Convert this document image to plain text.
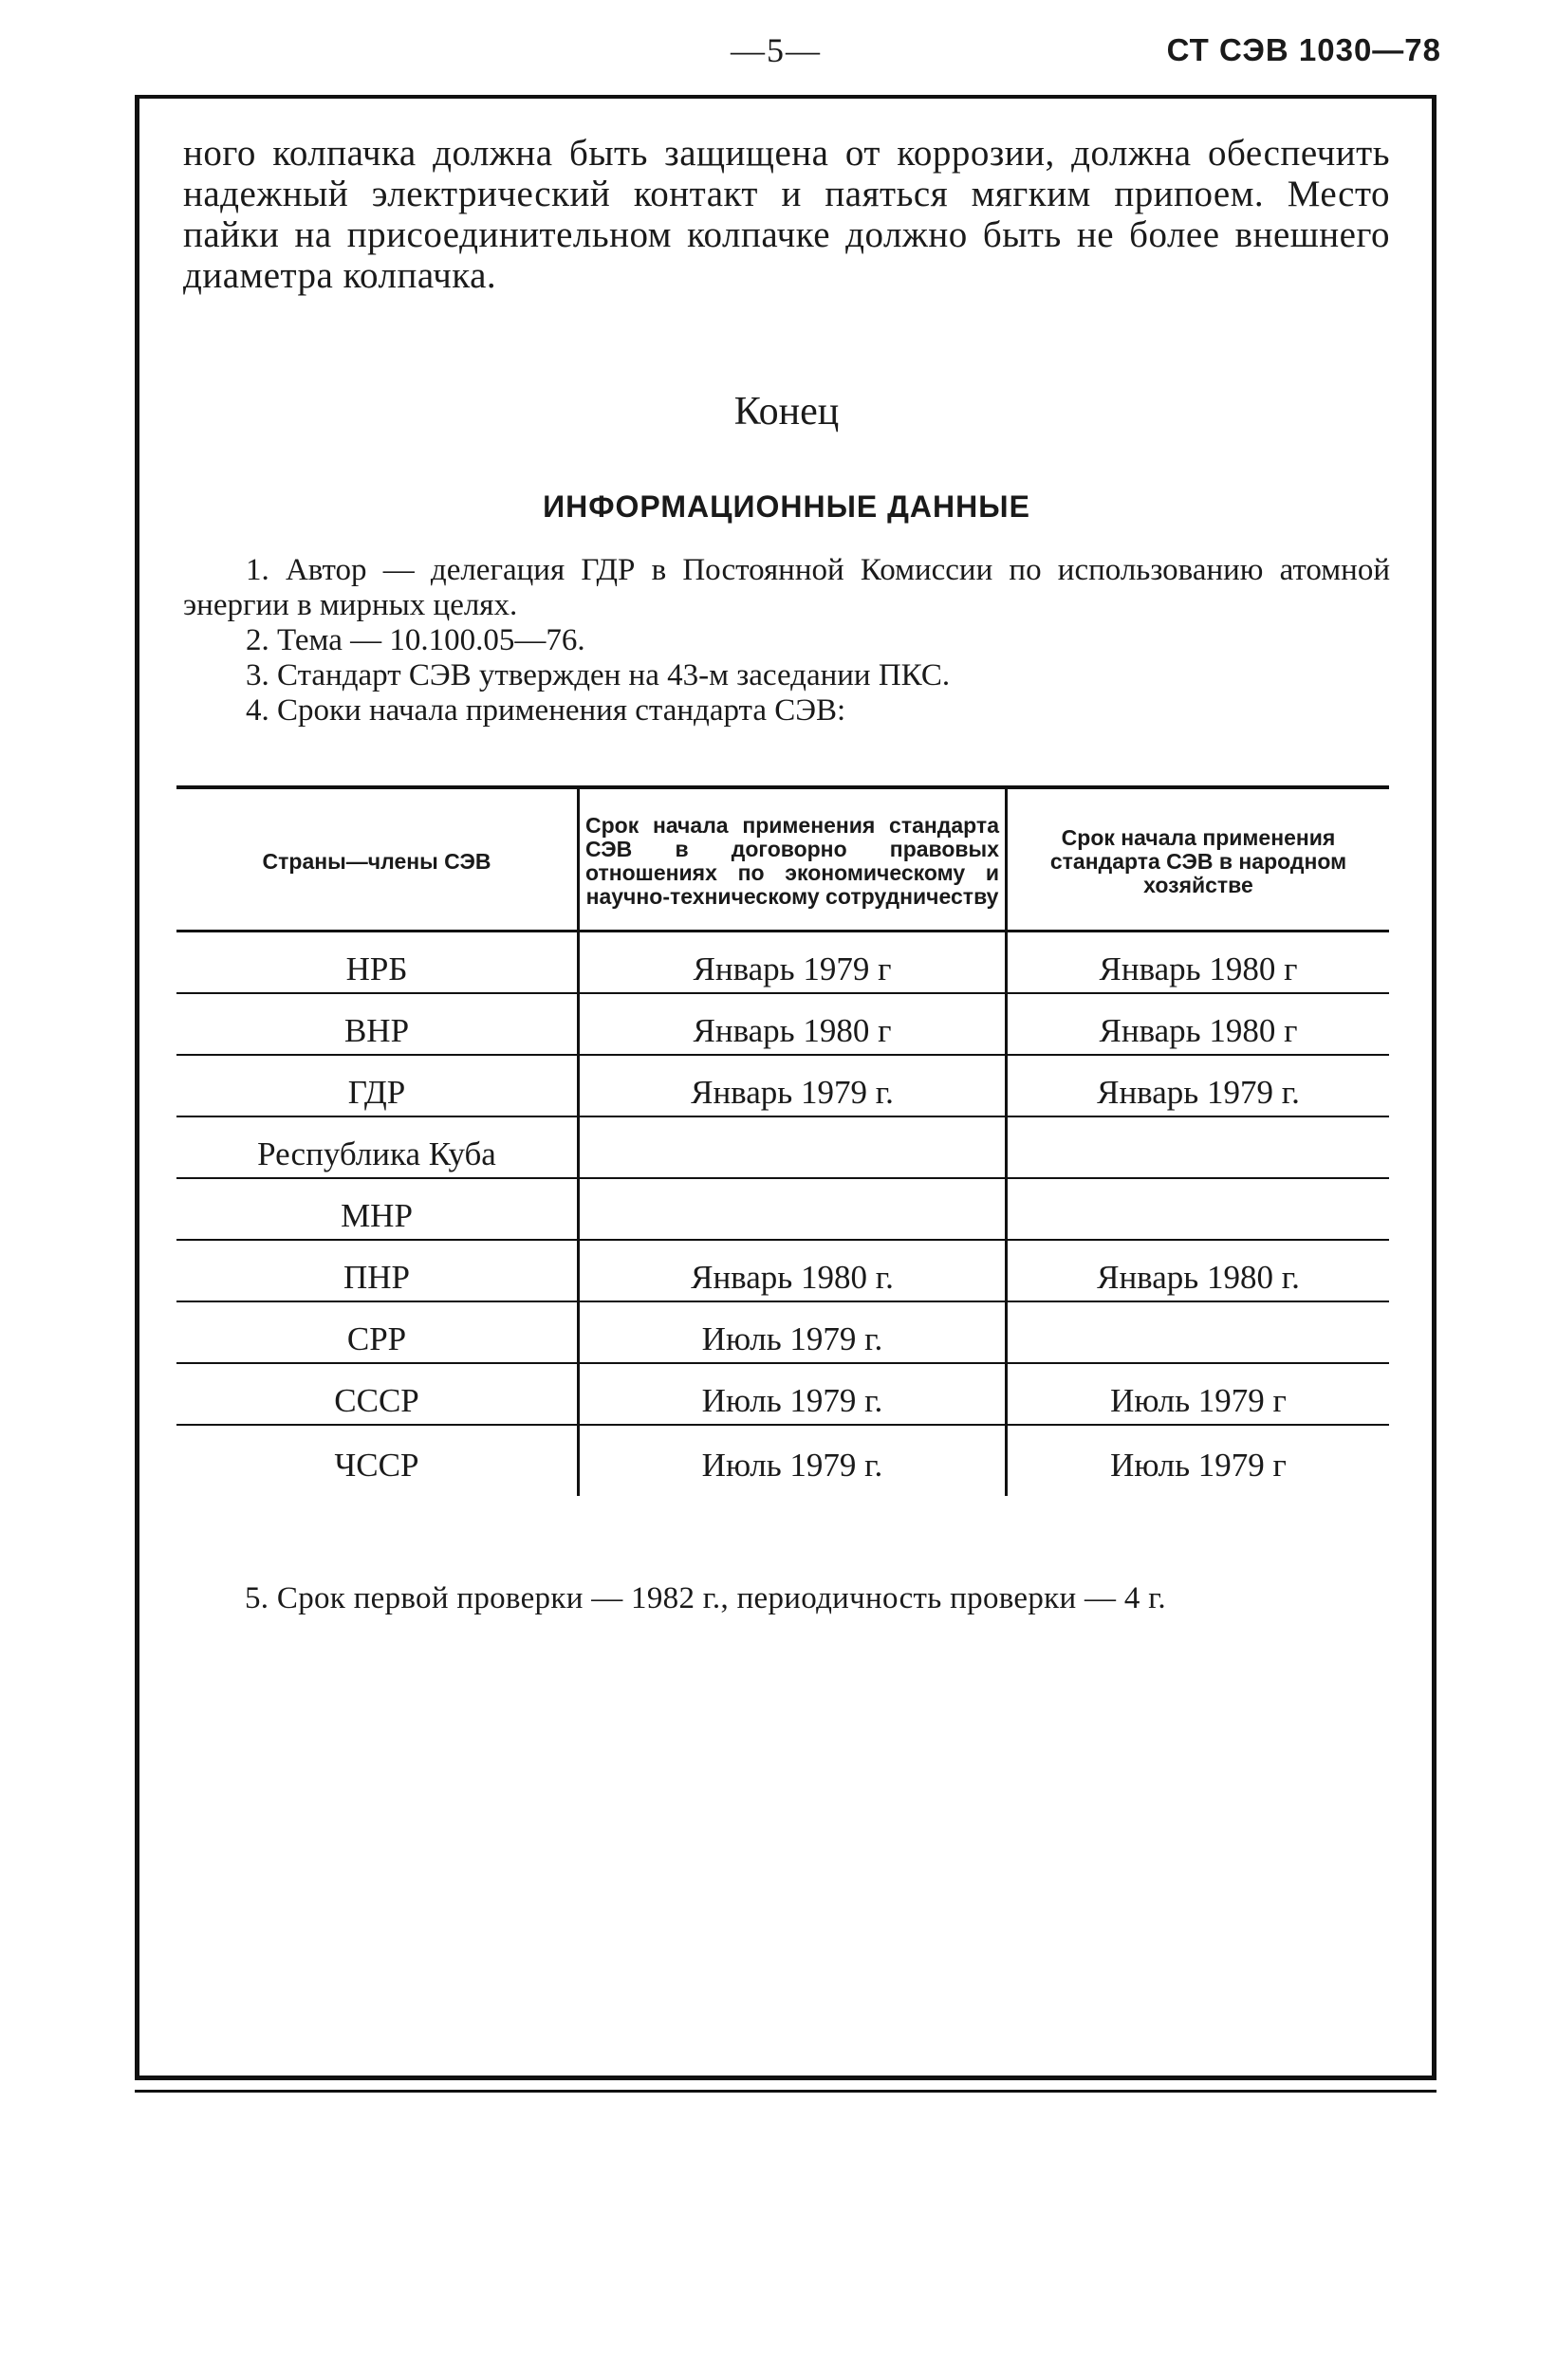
—5—	СТ СЭВ 1030—78

ного колпачка должна быть защищена от коррозии, должна обеспечить надежный электрический контакт и паяться мягким припоем. Место пайки на присоединительном колпачке должно быть не более внешнего диаметра колпачка.

Конец
ИНФОРМАЦИОННЫЕ ДАННЫЕ

1. Автор — делегация ГДР в Постоянной Комиссии по использованию атомной энергии в мирных целях.

2. Тема — 10.100.05—76.

3. Стандарт СЭВ утвержден на 43-м заседании ПКС.

4. Сроки начала применения стандарта СЭВ:

Страны—члены СЭВ	Срок начала применения стандарта СЭВ в договорно правовых отношениях по экономическому и научно-техническому сотрудничеству	Срок начала применения стандарта СЭВ в народном хозяйстве
НРБ	Январь 1979 г	Январь 1980 г
ВНР	Январь 1980 г	Январь 1980 г
ГДР	Январь 1979 г.	Январь 1979 г.
Республика Куба		
МНР		
ПНР	Январь 1980 г.	Январь 1980 г.
СРР	Июль 1979 г.	
СССР	Июль 1979 г.	Июль 1979 г
ЧССР	Июль 1979 г.	Июль 1979 г

5. Срок первой проверки — 1982 г., периодичность проверки — 4 г.
